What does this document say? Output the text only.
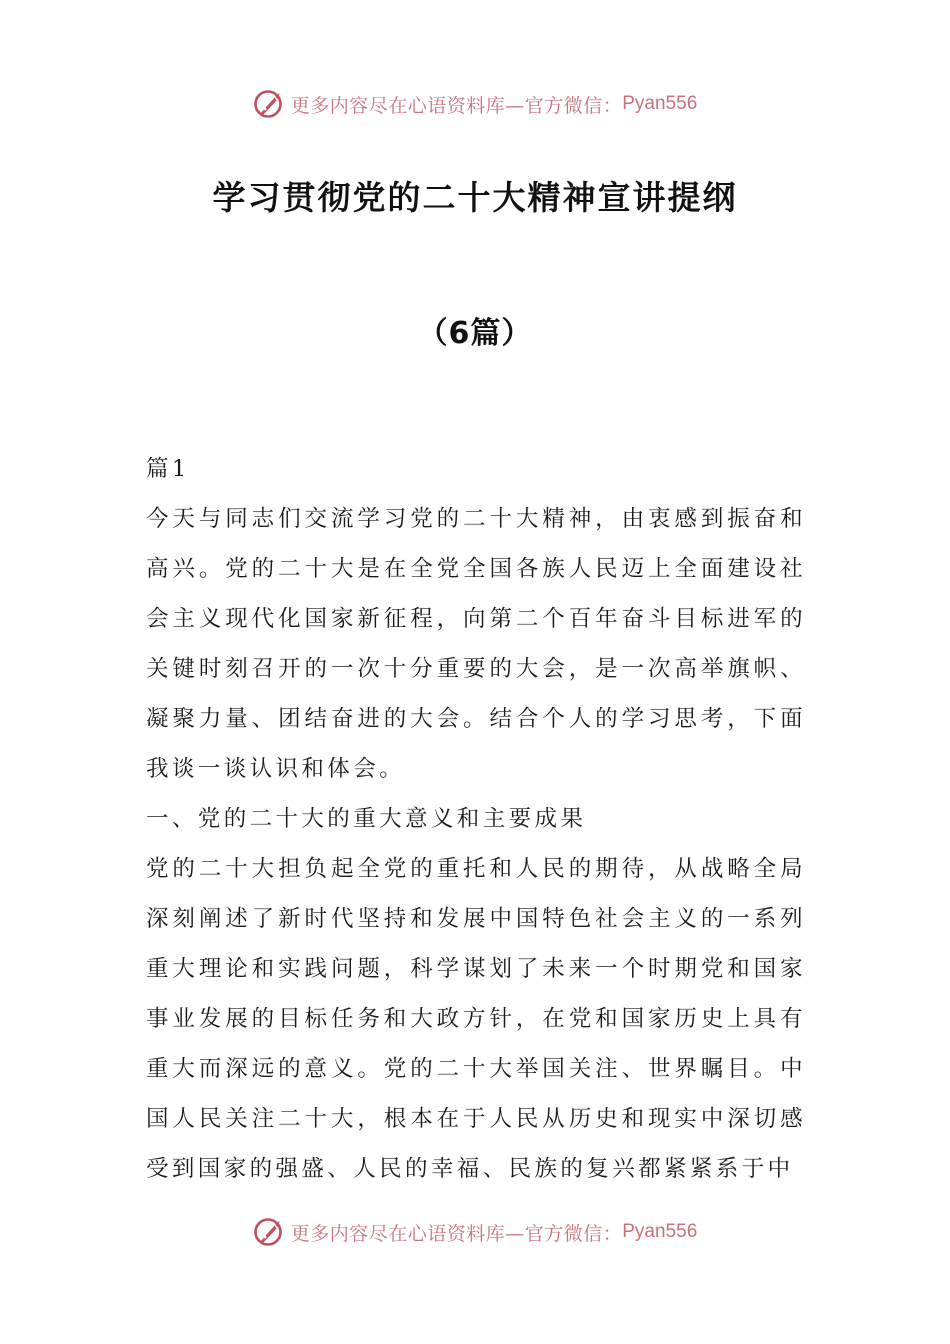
更多内容尽在心语资料库—官方微信： Pyan556
学习贯彻党的二十大精神宣讲提纲
（6篇）

篇1

今天与同志们交流学习党的二十大精神，由衷感到振奋和高兴。党的二十大是在全党全国各族人民迈上全面建设社会主义现代化国家新征程，向第二个百年奋斗目标进军的关键时刻召开的一次十分重要的大会，是一次高举旗帜、凝聚力量、团结奋进的大会。结合个人的学习思考，下面我谈一谈认识和体会。

一、党的二十大的重大意义和主要成果

党的二十大担负起全党的重托和人民的期待，从战略全局深刻阐述了新时代坚持和发展中国特色社会主义的一系列重大理论和实践问题，科学谋划了未来一个时期党和国家事业发展的目标任务和大政方针，在党和国家历史上具有重大而深远的意义。党的二十大举国关注、世界瞩目。中国人民关注二十大，根本在于人民从历史和现实中深切感受到国家的强盛、人民的幸福、民族的复兴都紧紧系于中

更多内容尽在心语资料库—官方微信： Pyan556
